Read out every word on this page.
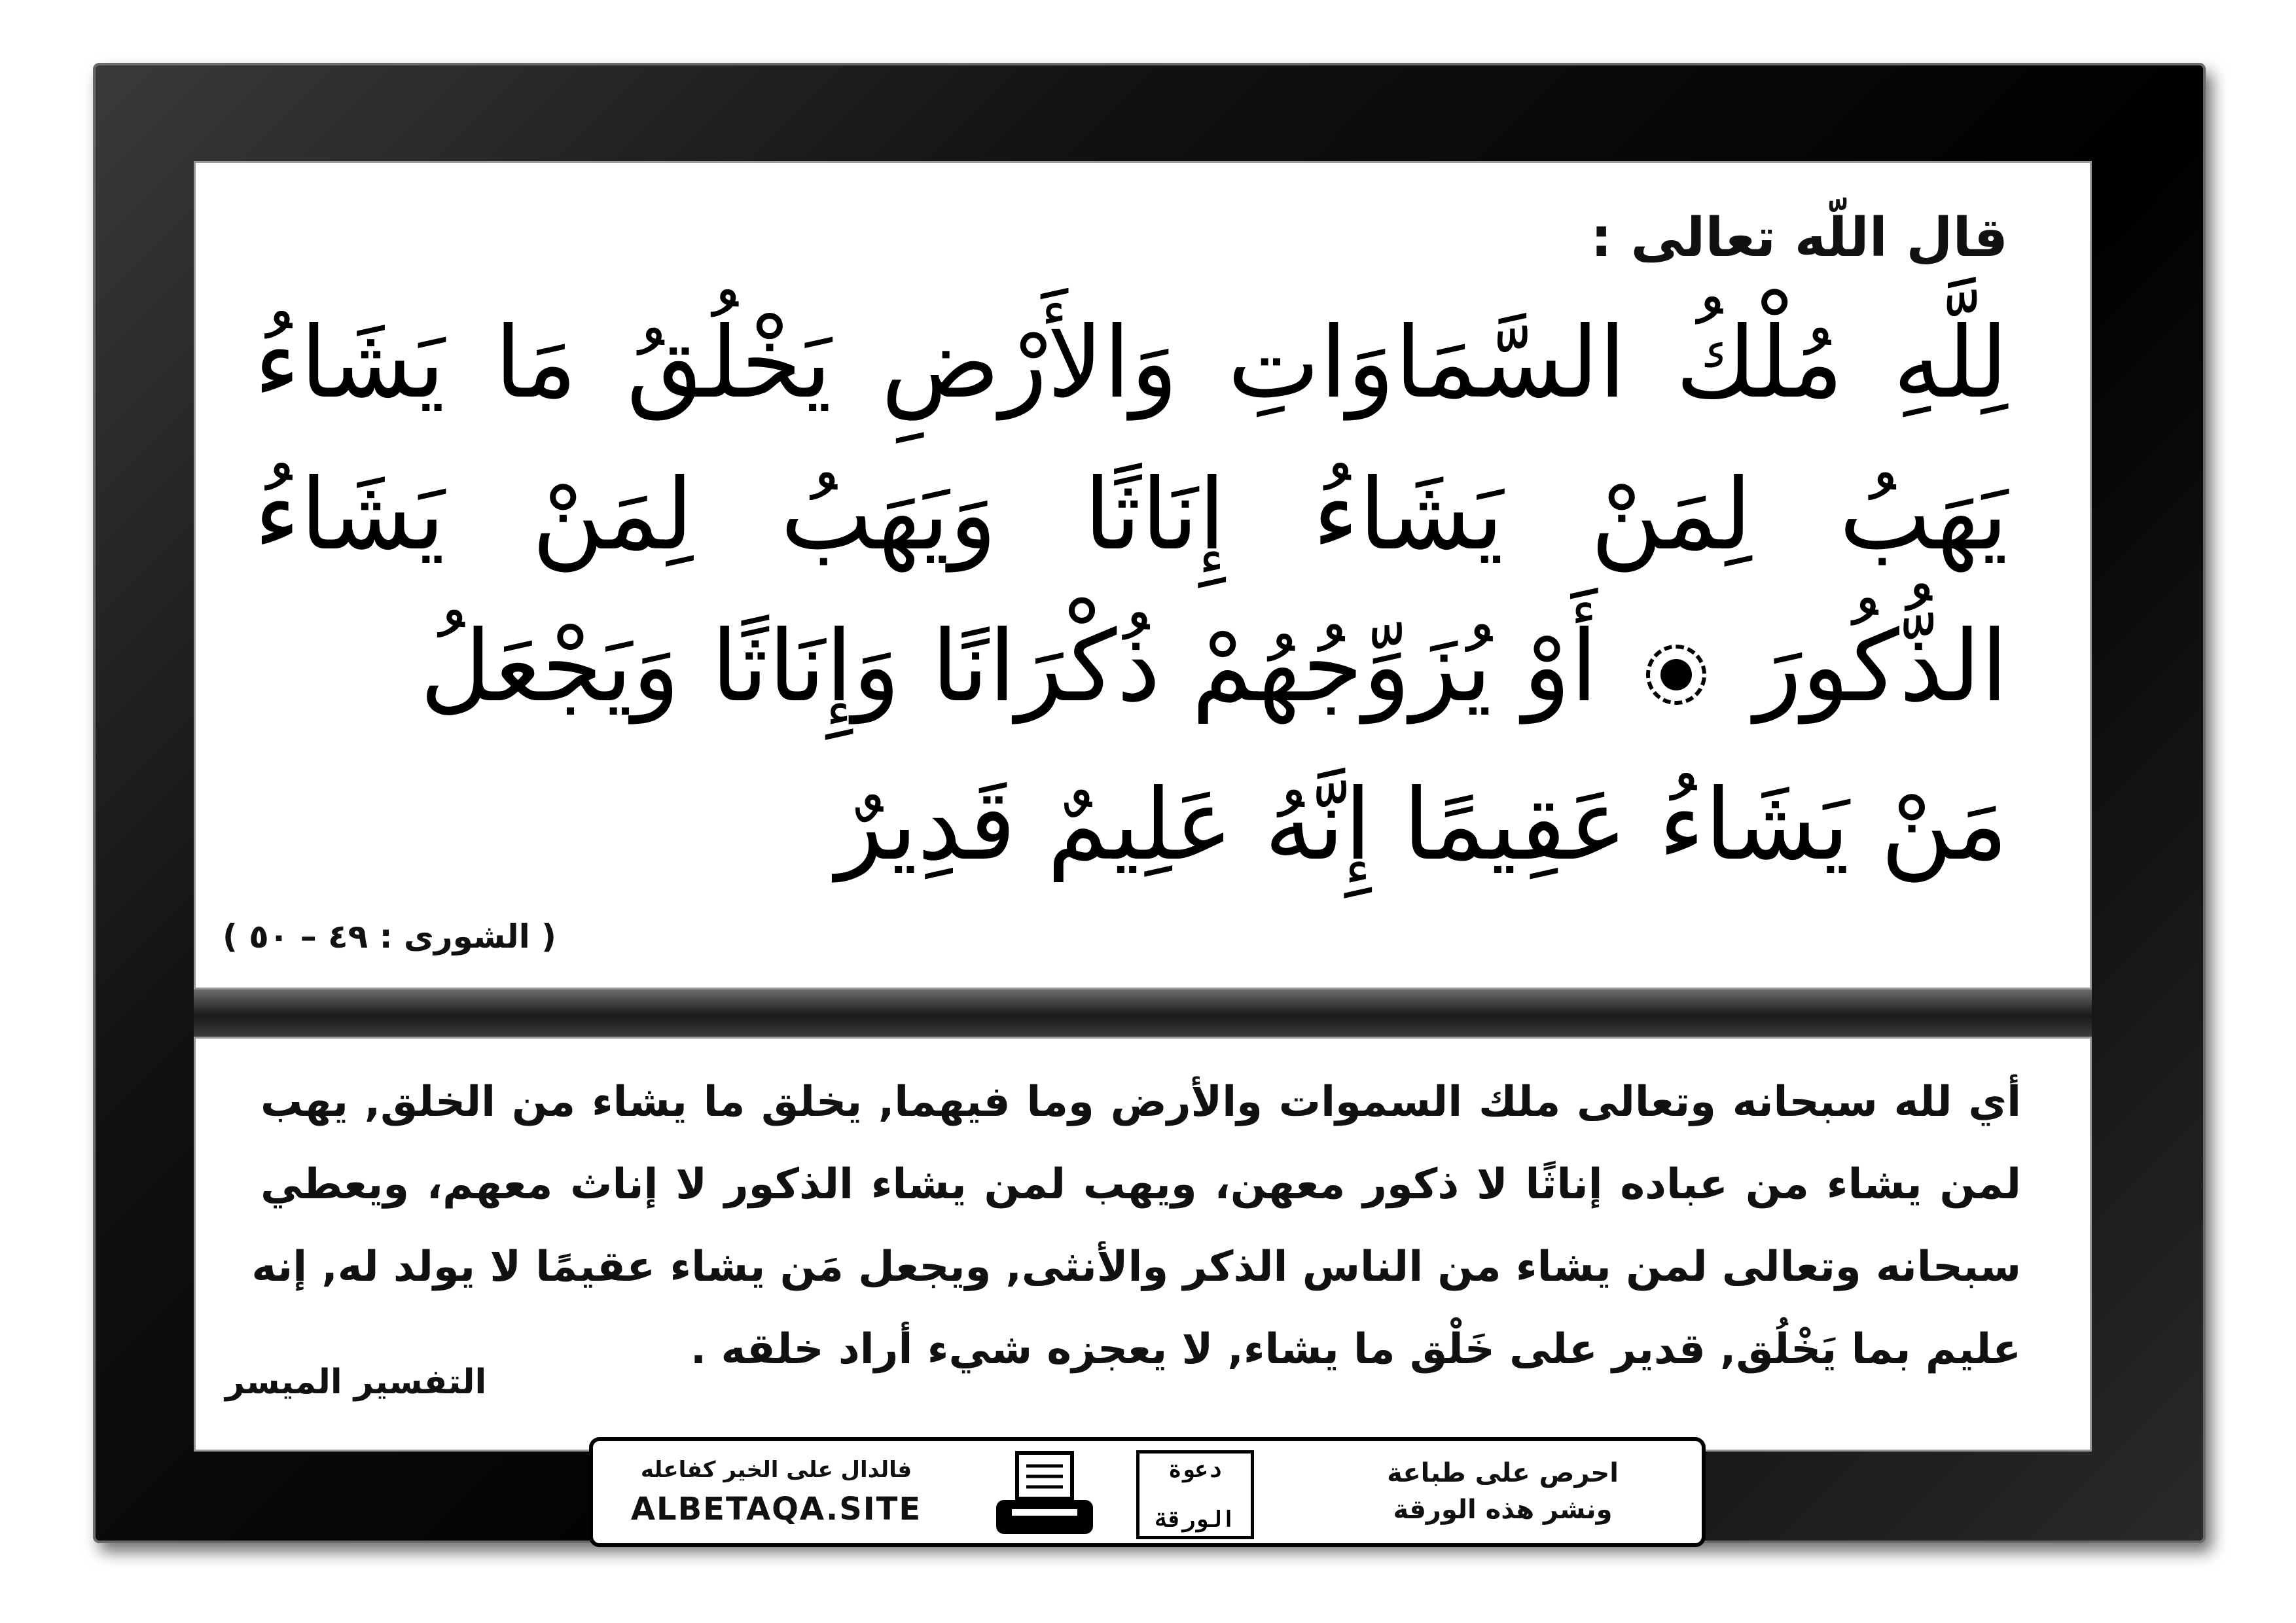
قال اللّه تعالى :
لِلَّهِ مُلْكُ السَّمَاوَاتِ وَالأَرْضِ يَخْلُقُ مَا يَشَاءُ
يَهَبُ لِمَنْ يَشَاءُ إِنَاثًا وَيَهَبُ لِمَنْ يَشَاءُ
الذُّكُورَ  أَوْ يُزَوِّجُهُمْ ذُكْرَانًا وَإِنَاثًا وَيَجْعَلُ
مَنْ يَشَاءُ عَقِيمًا إِنَّهُ عَلِيمٌ قَدِيرٌ
( الشورى : ٤٩ – ٥٠ )
أي لله سبحانه وتعالى ملك السموات والأرض وما فيهما, يخلق ما يشاء من الخلق, يهب
لمن يشاء من عباده إناثًا لا ذكور معهن، ويهب لمن يشاء الذكور لا إناث معهم، ويعطي
سبحانه وتعالى لمن يشاء من الناس الذكر والأنثى, ويجعل مَن يشاء عقيمًا لا يولد له, إنه
عليم بما يَخْلُق, قدير على خَلْق ما يشاء, لا يعجزه شيء أراد خلقه .
التفسير الميسر
فالدال على الخير كفاعله
ALBETAQA.SITE
دعوة
الورقة
احرص على طباعة
ونشر هذه الورقة
